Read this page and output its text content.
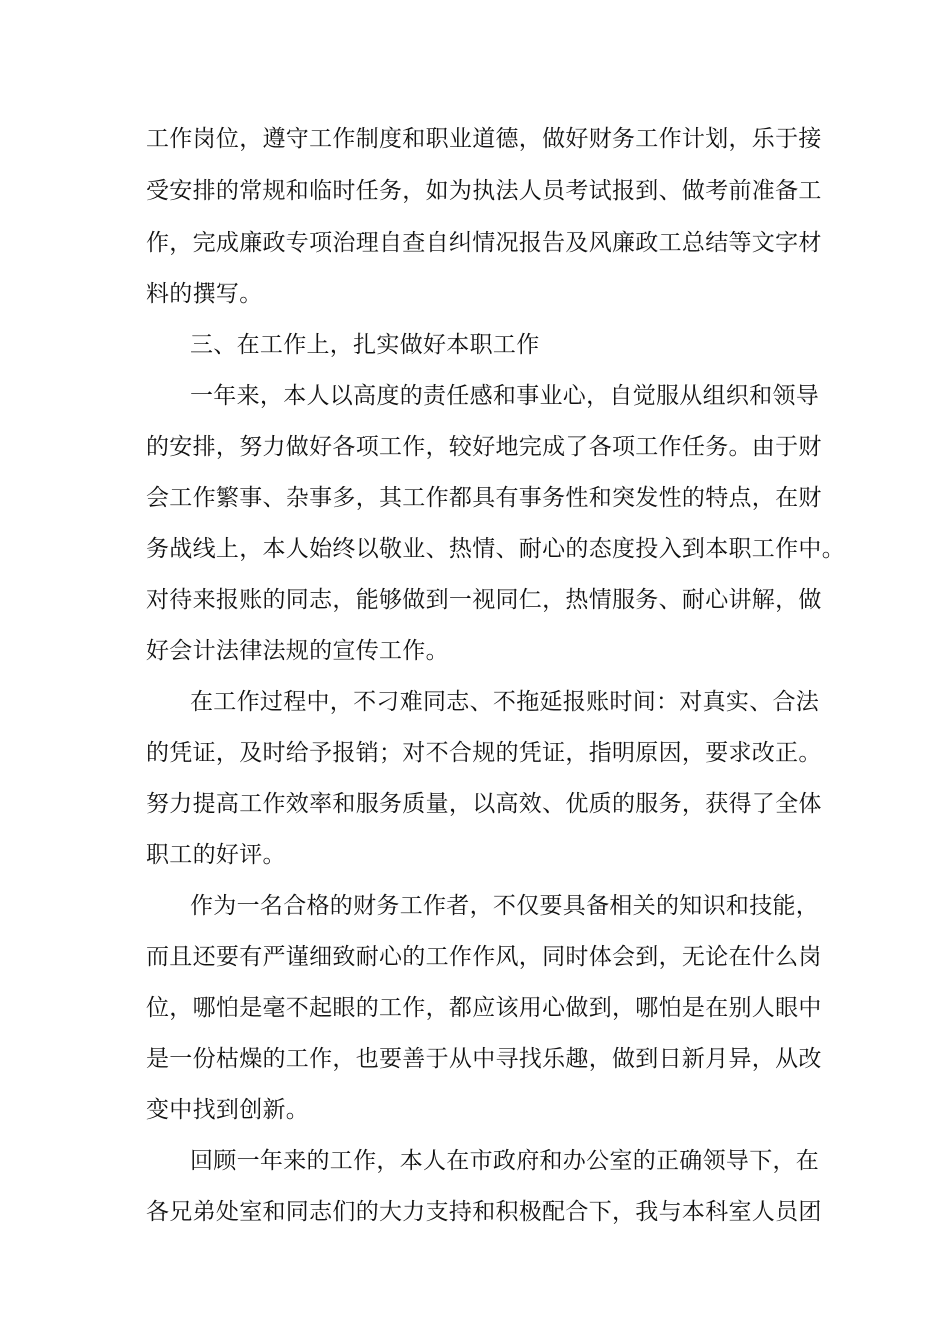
工作岗位，遵守工作制度和职业道德，做好财务工作计划，乐于接
受安排的常规和临时任务，如为执法人员考试报到、做考前准备工
作，完成廉政专项治理自查自纠情况报告及风廉政工总结等文字材
料的撰写。
三、在工作上，扎实做好本职工作
一年来，本人以高度的责任感和事业心，自觉服从组织和领导
的安排，努力做好各项工作，较好地完成了各项工作任务。由于财
会工作繁事、杂事多，其工作都具有事务性和突发性的特点，在财
务战线上，本人始终以敬业、热情、耐心的态度投入到本职工作中。
对待来报账的同志，能够做到一视同仁，热情服务、耐心讲解，做
好会计法律法规的宣传工作。
在工作过程中，不刁难同志、不拖延报账时间：对真实、合法
的凭证，及时给予报销；对不合规的凭证，指明原因，要求改正。
努力提高工作效率和服务质量，以高效、优质的服务，获得了全体
职工的好评。
作为一名合格的财务工作者，不仅要具备相关的知识和技能，
而且还要有严谨细致耐心的工作作风，同时体会到，无论在什么岗
位，哪怕是毫不起眼的工作，都应该用心做到，哪怕是在别人眼中
是一份枯燥的工作，也要善于从中寻找乐趣，做到日新月异，从改
变中找到创新。
回顾一年来的工作，本人在市政府和办公室的正确领导下，在
各兄弟处室和同志们的大力支持和积极配合下，我与本科室人员团
